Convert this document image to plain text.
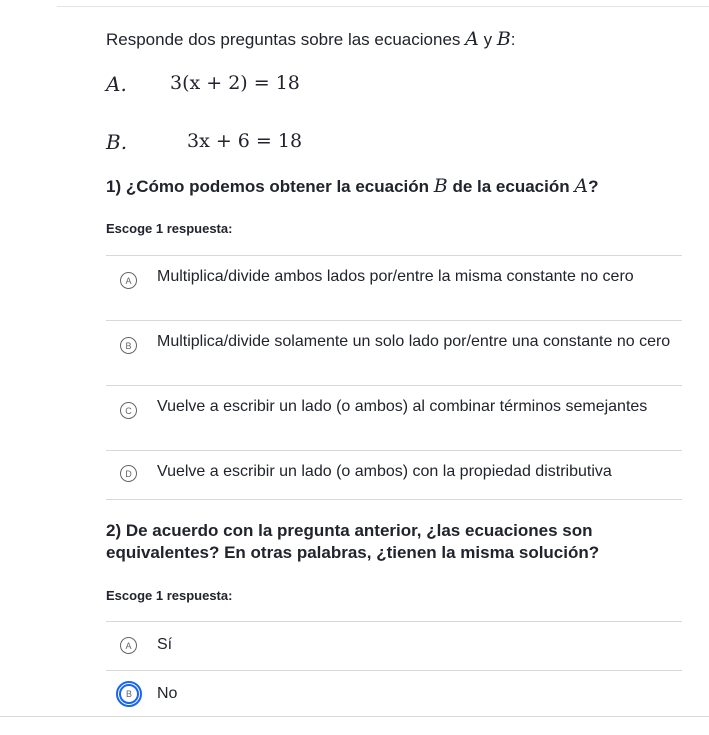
Responde dos preguntas sobre las ecuaciones A y B:
A. 3(x + 2) = 18
B.	3x + 6 = 18
1) ¿Cómo podemos obtener la ecuación B de la ecuación A?
Escoge 1 respuesta:
A	Multiplica/divide ambos lados por/entre la misma constante no cero
B	Multiplica/divide solamente un solo lado por/entre una constante no cero
C	Vuelve a escribir un lado (o ambos) al combinar términos semejantes
D	Vuelve a escribir un lado (o ambos) con la propiedad distributiva
2) De acuerdo con la pregunta anterior, ¿las ecuaciones son equivalentes? En otras palabras, ¿tienen la misma solución?
Escoge 1 respuesta:
A	Sí
B	No
